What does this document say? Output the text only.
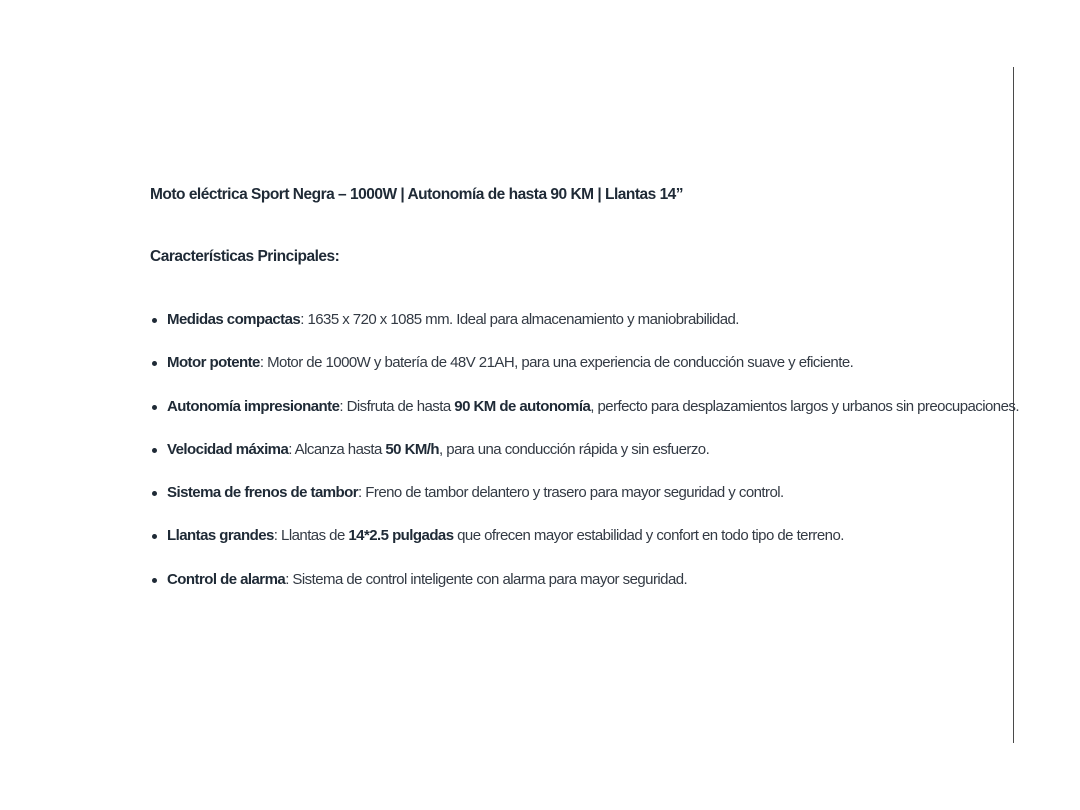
Moto eléctrica Sport Negra – 1000W | Autonomía de hasta 90 KM | Llantas 14”
Características Principales:
Medidas compactas: 1635 x 720 x 1085 mm. Ideal para almacenamiento y maniobrabilidad.
Motor potente: Motor de 1000W y batería de 48V 21AH, para una experiencia de conducción suave y eficiente.
Autonomía impresionante: Disfruta de hasta 90 KM de autonomía, perfecto para desplazamientos largos y urbanos sin preocupaciones.
Velocidad máxima: Alcanza hasta 50 KM/h, para una conducción rápida y sin esfuerzo.
Sistema de frenos de tambor: Freno de tambor delantero y trasero para mayor seguridad y control.
Llantas grandes: Llantas de 14*2.5 pulgadas que ofrecen mayor estabilidad y confort en todo tipo de terreno.
Control de alarma: Sistema de control inteligente con alarma para mayor seguridad.
